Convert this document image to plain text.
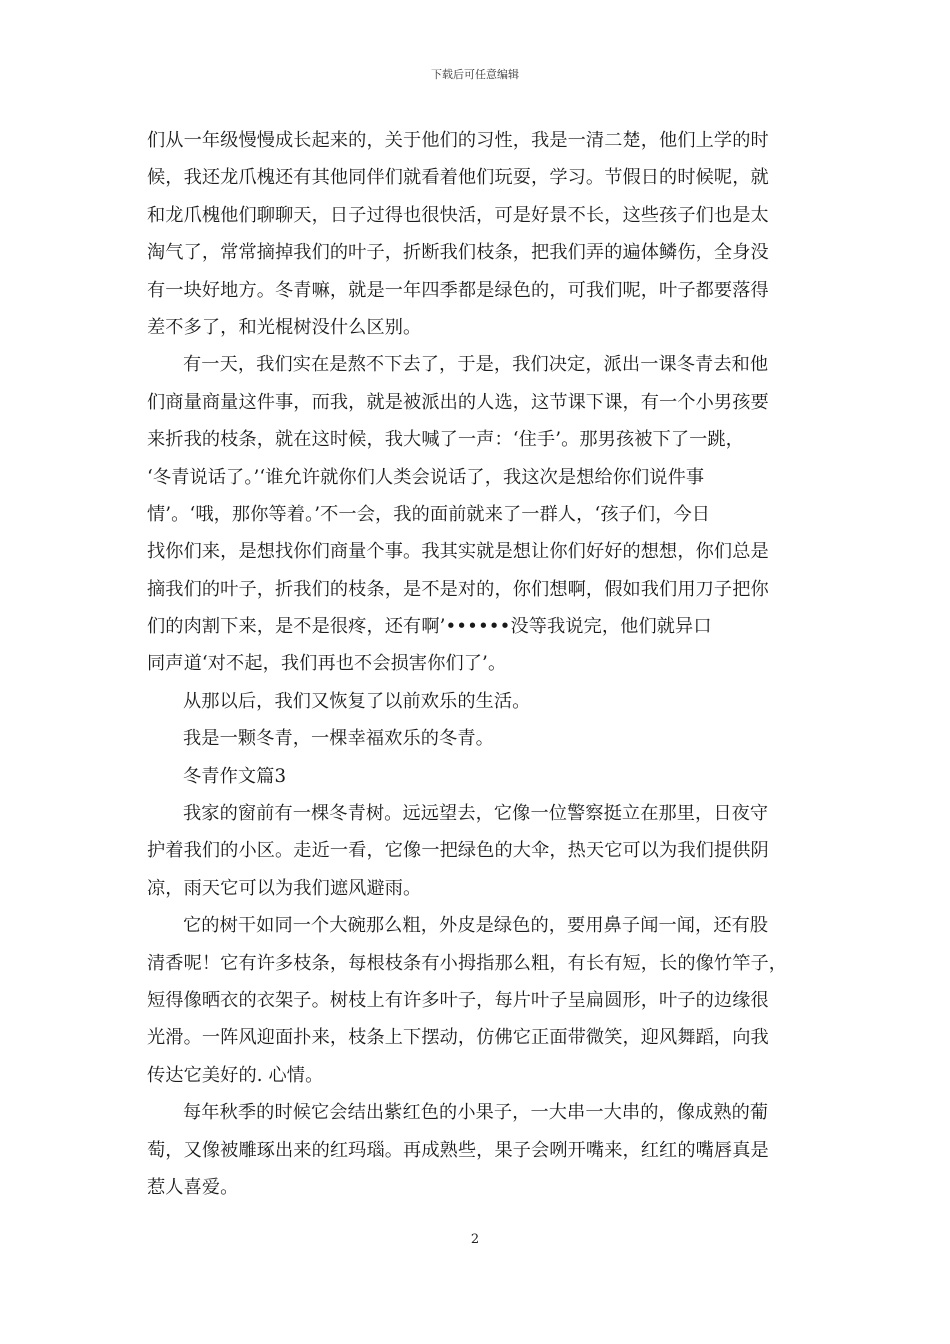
下载后可任意编辑
们从一年级慢慢成长起来的，关于他们的习性，我是一清二楚，他们上学的时
候，我还龙爪槐还有其他同伴们就看着他们玩耍，学习。节假日的时候呢，就
和龙爪槐他们聊聊天，日子过得也很快活，可是好景不长，这些孩子们也是太
淘气了，常常摘掉我们的叶子，折断我们枝条，把我们弄的遍体鳞伤，全身没
有一块好地方。冬青嘛，就是一年四季都是绿色的，可我们呢，叶子都要落得
差不多了，和光棍树没什么区别。
有一天，我们实在是熬不下去了，于是，我们决定，派出一课冬青去和他
们商量商量这件事，而我，就是被派出的人选，这节课下课，有一个小男孩要
来折我的枝条，就在这时候，我大喊了一声：‘住手’。那男孩被下了一跳，
‘冬青说话了。’‘谁允许就你们人类会说话了，我这次是想给你们说件事
情’。‘哦，那你等着。’不一会，我的面前就来了一群人，‘孩子们，今日
找你们来，是想找你们商量个事。我其实就是想让你们好好的想想，你们总是
摘我们的叶子，折我们的枝条，是不是对的，你们想啊，假如我们用刀子把你
们的肉割下来，是不是很疼，还有啊’••••••没等我说完，他们就异口
同声道‘对不起，我们再也不会损害你们了’。
从那以后，我们又恢复了以前欢乐的生活。
我是一颗冬青，一棵幸福欢乐的冬青。
冬青作文篇3
我家的窗前有一棵冬青树。远远望去，它像一位警察挺立在那里，日夜守
护着我们的小区。走近一看，它像一把绿色的大伞，热天它可以为我们提供阴
凉，雨天它可以为我们遮风避雨。
它的树干如同一个大碗那么粗，外皮是绿色的，要用鼻子闻一闻，还有股
清香呢！它有许多枝条，每根枝条有小拇指那么粗，有长有短，长的像竹竿子，
短得像晒衣的衣架子。树枝上有许多叶子，每片叶子呈扁圆形，叶子的边缘很
光滑。一阵风迎面扑来，枝条上下摆动，仿佛它正面带微笑，迎风舞蹈，向我
传达它美好的. 心情。
每年秋季的时候它会结出紫红色的小果子，一大串一大串的，像成熟的葡
萄，又像被雕琢出来的红玛瑙。再成熟些，果子会咧开嘴来，红红的嘴唇真是
惹人喜爱。
2
